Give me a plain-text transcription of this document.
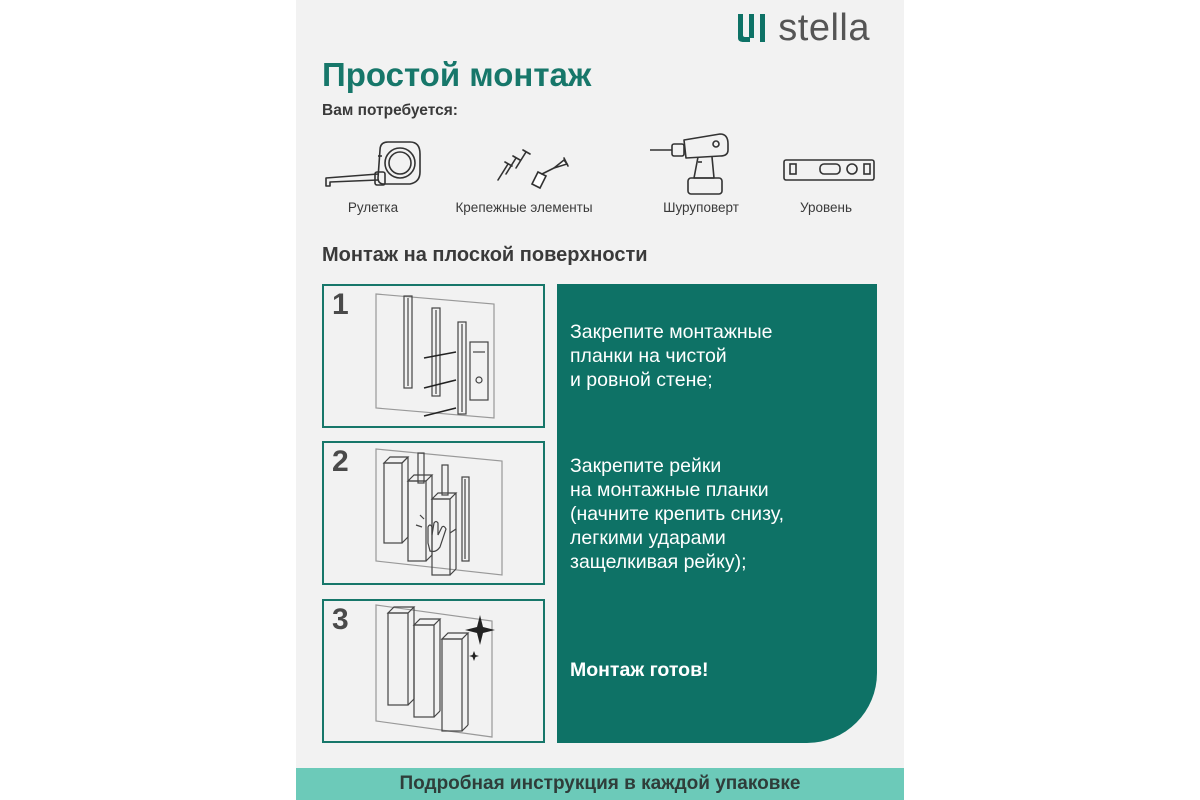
stella
Простой монтаж
Вам потребуется:
Рулетка	Крепежные элементы	Шуруповерт	Уровень
Монтаж на плоской поверхности
1
2
3
Закрепите монтажные
планки на чистой
и ровной стене;
Закрепите рейки
на монтажные планки
(начните крепить снизу,
легкими ударами
защелкивая рейку);
Монтаж готов!
Подробная инструкция в каждой упаковке
